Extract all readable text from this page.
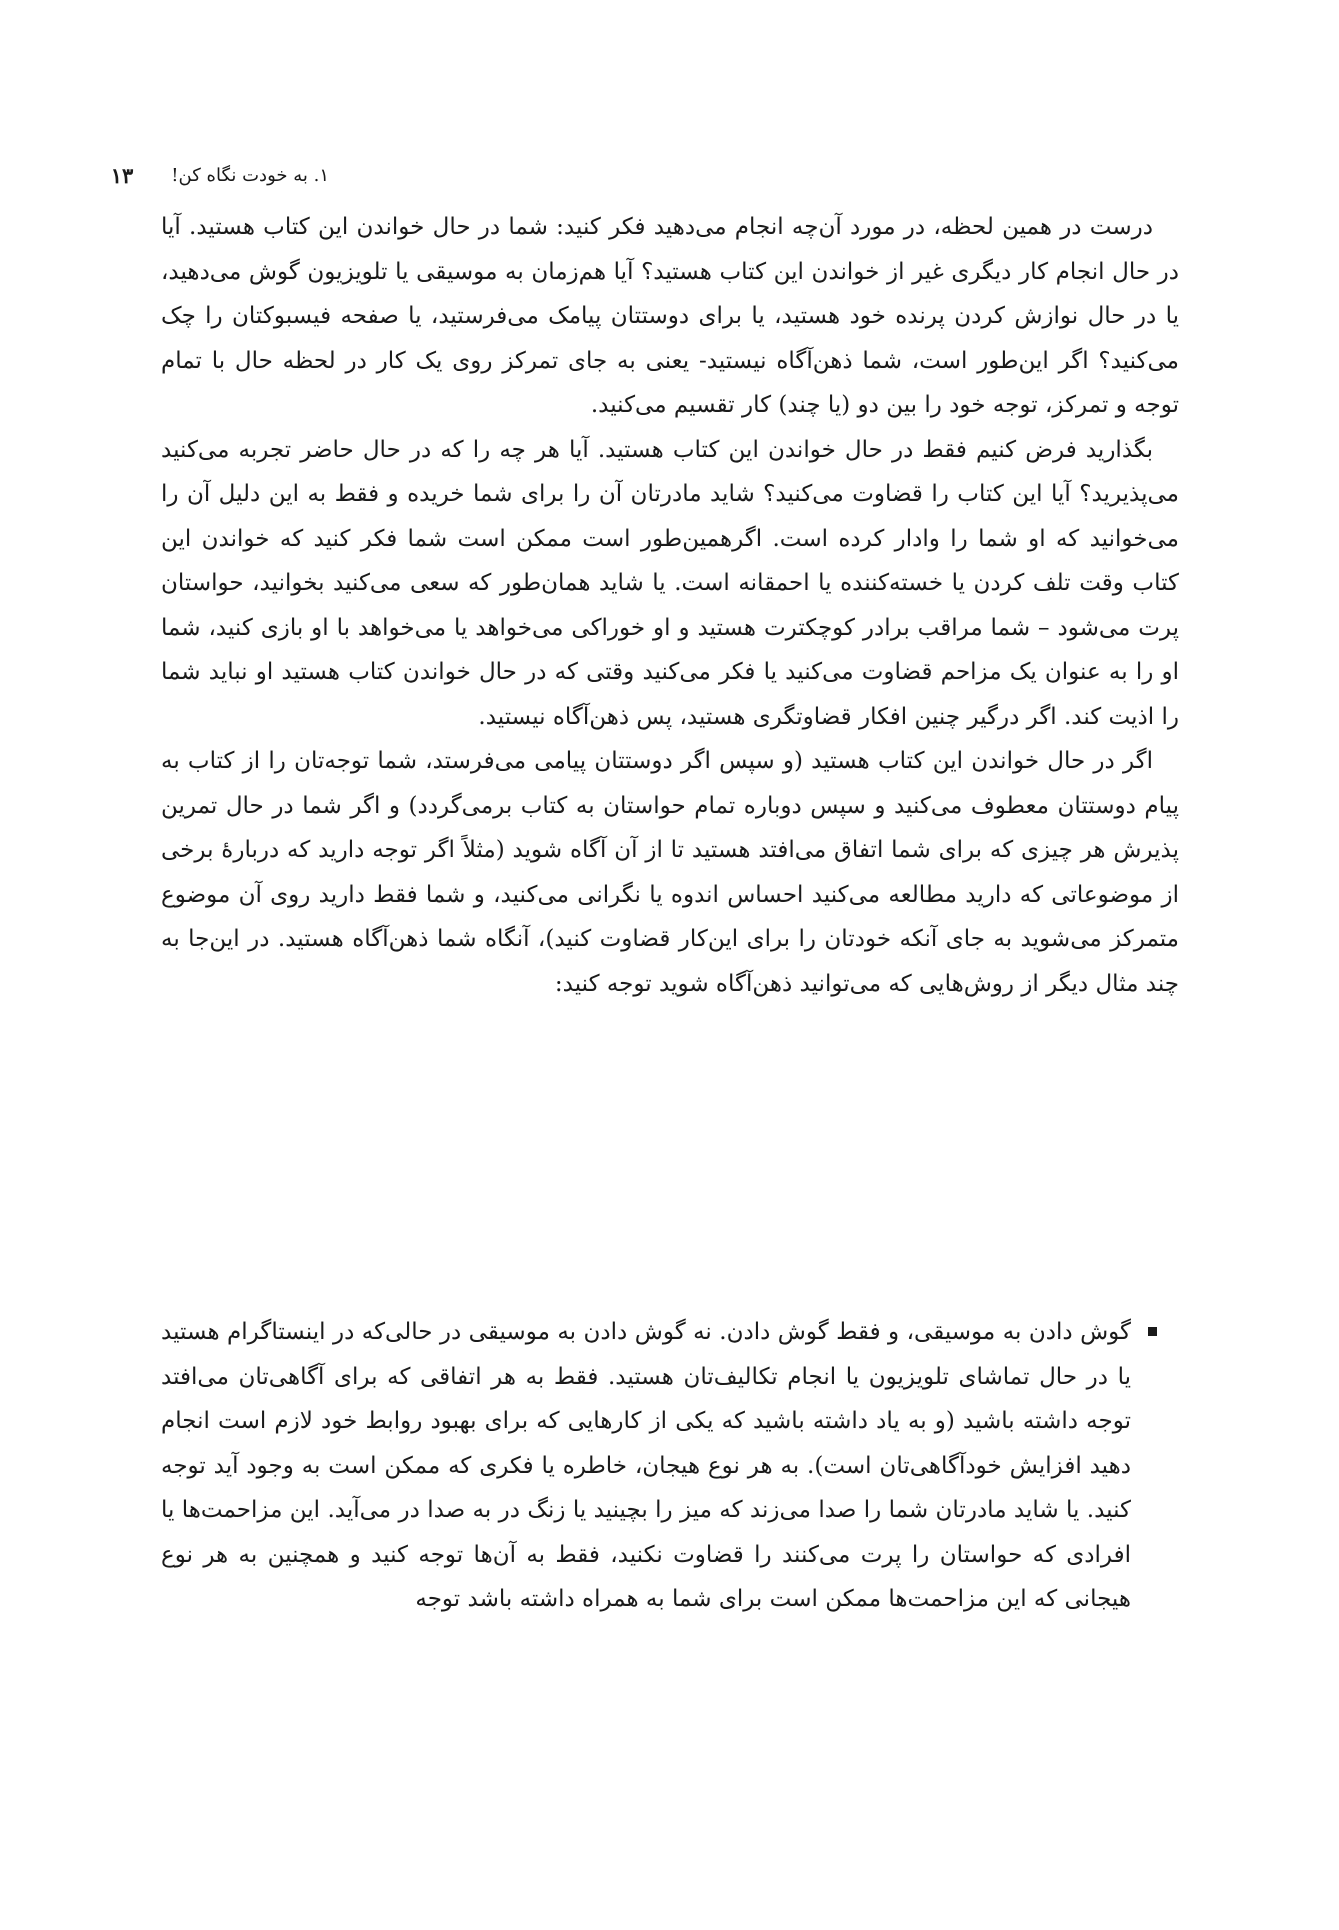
۱. به خودت نگاه کن!
۱۳

درست در همین لحظه، در مورد آن‌چه انجام می‌دهید فکر کنید: شما در حال خواندن این کتاب هستید. آیا در حال انجام کار دیگری غیر از خواندن این کتاب هستید؟ آیا هم‌زمان به موسیقی یا تلویزیون گوش می‌دهید، یا در حال نوازش کردن پرنده خود هستید، یا برای دوستتان پیامک می‌فرستید، یا صفحه فیسبوکتان را چک می‌کنید؟ اگر این‌طور است، شما ذهن‌آگاه نیستید- یعنی به جای تمرکز روی یک کار در لحظه حال با تمام توجه و تمرکز، توجه خود را بین دو (یا چند) کار تقسیم می‌کنید.

بگذارید فرض کنیم فقط در حال خواندن این کتاب هستید. آیا هر چه را که در حال حاضر تجربه می‌کنید می‌پذیرید؟ آیا این کتاب را قضاوت می‌کنید؟ شاید مادرتان آن را برای شما خریده و فقط به این دلیل آن را می‌خوانید که او شما را وادار کرده است. اگرهمین‌طور است ممکن است شما فکر کنید که خواندن این کتاب وقت تلف کردن یا خسته‌کننده یا احمقانه است. یا شاید همان‌طور که سعی می‌کنید بخوانید، حواستان پرت می‌شود – شما مراقب برادر کوچکترت هستید و او خوراکی می‌خواهد یا می‌خواهد با او بازی کنید، شما او را به عنوان یک مزاحم قضاوت می‌کنید یا فکر می‌کنید وقتی که در حال خواندن کتاب هستید او نباید شما را اذیت کند. اگر درگیر چنین افکار قضاوتگری هستید، پس ذهن‌آگاه نیستید.

اگر در حال خواندن این کتاب هستید (و سپس اگر دوستتان پیامی می‌فرستد، شما توجه‌تان را از کتاب به پیام دوستتان معطوف می‌کنید و سپس دوباره تمام حواستان به کتاب برمی‌گردد) و اگر شما در حال تمرین پذیرش هر چیزی که برای شما اتفاق می‌افتد هستید تا از آن آگاه شوید (مثلاً اگر توجه دارید که دربارهٔ برخی از موضوعاتی که دارید مطالعه می‌کنید احساس اندوه یا نگرانی می‌کنید، و شما فقط دارید روی آن موضوع متمرکز می‌شوید به جای آنکه خودتان را برای این‌کار قضاوت کنید)، آنگاه شما ذهن‌آگاه هستید. در این‌جا به چند مثال دیگر از روش‌هایی که می‌توانید ذهن‌آگاه شوید توجه کنید:

گوش دادن به موسیقی، و فقط گوش دادن. نه گوش دادن به موسیقی در حالی‌که در اینستاگرام هستید یا در حال تماشای تلویزیون یا انجام تکالیف‌تان هستید. فقط به هر اتفاقی که برای آگاهی‌تان می‌افتد توجه داشته باشید (و به یاد داشته باشید که یکی از کارهایی که برای بهبود روابط خود لازم است انجام دهید افزایش خودآگاهی‌تان است). به هر نوع هیجان، خاطره یا فکری که ممکن است به وجود آید توجه کنید. یا شاید مادرتان شما را صدا می‌زند که میز را بچینید یا زنگ در به صدا در می‌آید. این مزاحمت‌ها یا افرادی که حواستان را پرت می‌کنند را قضاوت نکنید، فقط به آن‌ها توجه کنید و همچنین به هر نوع هیجانی که این مزاحمت‌ها ممکن است برای شما به همراه داشته باشد توجه
